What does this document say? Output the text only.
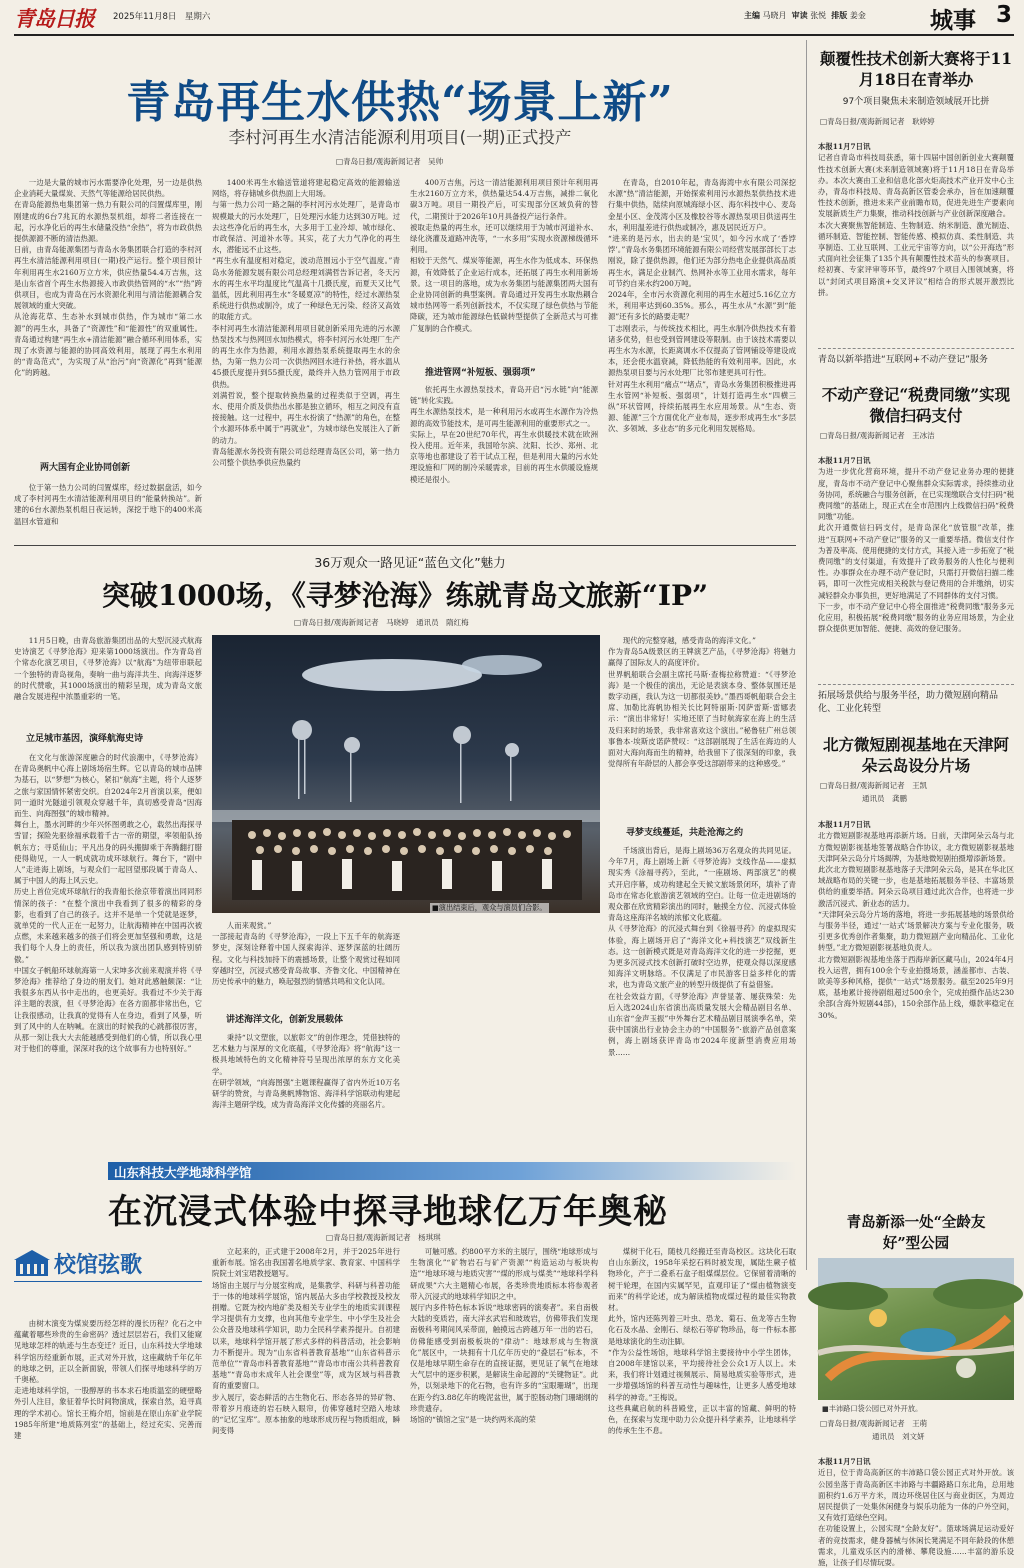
青岛日报 2025年11月8日　星期六	主编 马晓月 审读 张悦 排版 姜金	城事 3
青岛再生水供热“场景上新”
李村河再生水清洁能源利用项目(一期)正式投产
□青岛日报/观海新闻记者　吴帅
一边是大量的城市污水需要净化处理，另一边是供热企业消耗大量煤炭、天然气等能源给居民供热。
在青岛能源热电集团第一热力有限公司的闫置煤库里，刚刚建成的6台7兆瓦的水源热泵机组，却将二者连接在一起，污水净化后的再生水储量没热“余热”，将为市政供热提供源源不断的清洁热源。
日前，由青岛能源集团与青岛水务集团联合打造的李村河再生水清洁能源利用项目(一期)投产运行。整个项目预计年利用再生水2160万立方米，供应热量54.4万吉焦，这是山东省首个再生水热源接入市政供热管网的“水”“热”跨供项目，也成为青岛在污水资源化利用与清洁能源耦合发展领域的重大突破。
从沧海花草、生态补水到城市供热，作为城市“第二水源”的再生水，具备了“资源性”和“能源性”的双重属性。青岛通过构建“再生水+清洁能源”融合循环利用体系，实现了水资源与能源的协同高效利用，展现了再生水利用的“青岛范式”，为实现了从“治污”向“资源化”再到“能源化”的跨越。
两大国有企业协同创新
位于第一热力公司的闫置煤库，经过数据盘活，如今成了李村河再生水清洁能源利用项目的“能量转换站”。新建的6台水源热泵机组日夜运转，深挖于地下的400米高温回水管道和
1400米再生水输送管道将建起稳定高效的能源输送网络，将存储城乡供热面上大用场。
与第一热力公司一路之隔的李村河污水处理厂，是青岛市规模最大的污水处理厂，日处理污水能力达到30万吨。过去这些净化后的再生水，大多用于工业冷却、城市绿化、市政保洁、河道补水等。其实，花了大力气净化的再生水，潜能远不止这些。
“再生水有温度相对稳定，波动范围远小于空气温度。”青岛水务能源发展有限公司总经理刘满哲告诉记者，冬天污水的再生水平均温度比气温高十几摄氏度，而夏天又比气温低，因此利用再生水“冬暖夏凉”的特性，经过水源热泵系统进行供热或制冷，成了一种绿色无污染、经济又高效的取能方式。
李村河再生水清洁能源利用项目就创新采用先进的污水源热泵技术与热网回水加热模式，将李村河污水处理厂生产的再生水作为热源，利用水源热泵系统提取再生水的余热，为第一热力公司一次供热网回水进行补热，将水温从45摄氏度提升到55摄氏度，最终并入热力管网用于市政供热。
刘满哲说，整个提取转换热量的过程类似于空调，再生水、使用介质及供热出水都是独立循环，相互之间没有直接接触。这一过程中，再生水扮演了“热源”的角色，在整个水源环体系中属于“再就业”，为城市绿色发展注入了新的动力。
青岛能源水务投资有限公司总经理青岛区公司，第一热力公司整个供热季供应热量约
400万吉焦，污这一清洁能源利用项目预计年利用再生水2160万立方米，供热量达54.4万吉焦，减排二氧化碳3万吨。项目一期投产后，可实现部分区域负荷的替代，二期预计于2026年10月具备投产运行条件。
被取走热量的再生水，还可以继续用于为城市河道补水、绿化浇灌及道路冲洗等，“一水多用”实现水资源梯级循环利用。
相较于天然气、煤炭等能源，再生水作为低成本、环保热源，有效降低了企业运行成本，还拓展了再生水利用新场景。这一项目的落地，成为水务集团与能源集团两大国有企业协同创新的典型案例。青岛通过开发再生水取热耦合城市热网等一系列创新技术，不仅实现了绿色供热与节能降碳，还为城市能源绿色低碳转型提供了全新范式与可推广复制的合作模式。
推进管网“补短板、强弱项”
依托再生水源热泵技术，青岛开启“污水链”向“能源链”转化实践。
再生水源热泵技术，是一种利用污水或再生水源作为冷热源的高效节能技术，是可再生能源利用的重要形式之一。
实际上，早在20世纪70年代，再生水供暖技术就在欧洲投入使用。近年来，我国哈尔滨、沈阳、长沙、郑州、北京等地也都建设了若干试点工程，但是利用大量的污水处理设施和厂网的制冷采暖需求，目前的再生水供暖设施规模还是很小。
在青岛，自2010年起，青岛海湾中水有限公司深挖水源“热”清洁能源，开始探索利用污水源热泵供热技术进行集中供热，陆续向原城海绿小区、海尔科技中心、麦岛金星小区、金茂湾小区及橡胶谷等水源热泵项目供送再生水，利用温差进行供热或制冷，惠及居民近万户。
“进来的是污水，出去的是‘宝贝’，如今污水成了‘香饽饽’。”青岛水务集团环境能源有限公司经营发展部部长丁志刚说，除了提供热源，他们还为部分热电企业提供高品质再生水，满足企业制汽、热网补水等工业用水需求，每年可节约自来水约200万吨。
2024年，全市污水资源化利用的再生水超过5.16亿立方米，利用率达到60.35%。那么，再生水从“水源”到“能源”还有多长的路要走呢？
丁志刚表示，与传统技术相比，再生水制冷供热技术有着诸多优势，但也受到管网建设等限制。由于该技术需要以再生水为水源，长距离调水不仅提高了管网铺设等建设成本，还会使水温衰减，降低热能的有效利用率。因此，水源热泵项目要与污水处理厂比邻布建更具可行性。
针对再生水利用“痛点”“堵点”，青岛水务集团积极推进再生水管网“补短板、强弱项”，计划打造再生水“四横三纵”环状管网，持续拓展再生水应用场景。从“生态、资源、能源”三个方面优化产业布局，逐步形成再生水“多层次、多领域、多业态”的多元化利用发展格局。
颠覆性技术创新大赛将于11月18日在青举办
97个项目聚焦未来制造领域展开比拼
□青岛日报/观海新闻记者　耿婷婷

本报11月7日讯
记者自青岛市科技局获悉，第十四届中国创新创业大赛颠覆性技术创新大赛(未来制造领域赛)将于11月18日在青岛举办。本次大赛由工业和信息化部火炬高技术产业开发中心主办，青岛市科技局、青岛高新区管委会承办，旨在加速颠覆性技术创新，推进未来产业前瞻布局，促进先进生产要素向发展新质生产力集聚，推动科技创新与产业创新深度融合。
本次大赛聚焦智能制造、生物制造、纳米制造、激光制造、循环制造、智能控制、智能传感、模拟仿真、柔性制造、共享制造、工业互联网、工业元宇宙等方向，以“公开海选”形式面向社会征集了135个具有颠覆性技术苗头的参赛项目。经初赛、专家评审等环节，最终97个项目入围领域赛，将以“封闭式项目路演+交叉评议”相结合的形式展开激烈比拼。

青岛以新举措进“互联网+不动产登记”服务
不动产登记“税费同缴”实现微信扫码支付
□青岛日报/观海新闻记者　王冰洁

本报11月7日讯
为进一步优化营商环境，提升不动产登记业务办理的便捷度，青岛市不动产登记中心聚焦群众实际需求，持续推动业务协同，系统融合与服务创新，在已实现缴联合支付扫码“税费同缴”的基础上，现正式在全市范围内上线微信扫码“税费同缴”功能。
此次开通微信扫码支付，是青岛深化“放管服”改革，推进“互联网+不动产登记”服务的又一重要举措。微信支付作为普及率高、使用便捷的支付方式，其接入进一步拓宽了“税费同缴”的支付渠道，有效提升了政务服务的人性化与便利性。办事群众在办理不动产登记时，只需打开微信扫描二维码，即可一次性完成相关税款与登记费用的合并缴纳，切实减轻群众办事负担，更好地满足了不同群体的支付习惯。
下一步，市不动产登记中心将全面推进“税费同缴”服务多元化应用，积极拓展“税费同缴”服务的业务应用场景，为企业群众提供更加智能、便捷、高效的登记服务。

拓展场景供给与服务半径，助力微短剧向精品化、工业化转型
北方微短剧视基地在天津阿朵云岛设分片场
□青岛日报/观海新闻记者　王凯
通讯员　龚鹏

本报11月7日讯
北方微短剧影视基地再添新片场。日前，天津阿朵云岛与北方微短剧影视基地签署战略合作协议，北方微短剧影视基地天津阿朵云岛分片场揭牌，为基地微短剧拍摄增添新场景。
此次北方微短剧影视基地落子天津阿朵云岛，是其在华北区域战略布局的关键一步，也是基地拓展服务半径、丰富场景供给的重要举措。阿朵云岛项目通过此次合作，也将进一步激活沉浸式、新业态的活力。
“天津阿朵云岛分片场的落地，将进一步拓展基地的场景供给与服务半径，通过‘一站式’场景解决方案与专业化服务，吸引更多优秀创作者集聚，助力微短剧产业向精品化、工业化转型。”北方微短剧影视基地负责人。
北方微短剧影视基地坐落于西海岸新区藏马山，2024年4月投入运营，拥有100余个专业拍摄场景，涵盖都市、古装、欧美等多种风格，提供“一站式”场景服务。截至2025年9月底，基地累计接待剧组超过500余个，完成拍摄作品达230余部(含海外短剧44部)，150余部作品上线，爆款率稳定在30%。

青岛新添一处“全龄友好”型公园
■丰沛路口袋公园已对外开放。
□青岛日报/观海新闻记者　王萌
通讯员　刘文妍

本报11月7日讯
近日，位于青岛高新区的丰沛路口袋公园正式对外开放。该公园坐落于青岛高新区丰沛路与丰疆路路口东北角，总用地面积约1.6万平方米，周边环绕居住区与商业街区，为周边居民提供了一处集休闲健身与娱乐功能为一体的户外空间，又有效打造绿色空间。
在功能设置上，公园实现“全龄友好”。篮球场满足运动爱好者的竞技需求，健身器械与休闲长凳满足不同年龄段的休憩需求，儿童戏乐区内的滑梯、攀爬设施……丰富的游乐设施，让孩子们尽情玩耍。

36万观众一路见证“蓝色文化”魅力
突破1000场，《寻梦沧海》练就青岛文旅新“IP”
□青岛日报/观海新闻记者　马晓婷　通讯员　隋红梅
11月5日晚，由青岛旅游集团出品的大型沉浸式航海史诗演艺《寻梦沧海》迎来第1000场演出。作为青岛首个常态化演艺项目，《寻梦沧海》以“航海”为纽带串联起一个独特的青岛视角，奏响一曲与海洋共生、向海洋逐梦的时代赞歌，其1000场演出的精彩呈现，成为青岛文旅融合发展进程中浓墨重彩的一笔。
立足城市基因，演绎航海史诗
在文化与旅游深度融合的时代浪潮中，《寻梦沧海》在青岛奥帆中心海上剧场场宿生辉。它以青岛的城市品牌为基石，以“梦想”为核心，紧扣“航海”主题，将个人逐梦之旅与家国情怀紧密交织。自2024年2月首演以来，便如同一道时光隧道引领观众穿越千年，真切感受青岛“因海而生、向海图强”的城市精神。
舞台上，墨水河畔的少年兴怀图勇敢之心，载然出海探寻雪冒；探险先驱徐福承载着千古一帝的期望，率领船队扬帆东方；寻觅仙山；平凡出身的码头搬脚乘于奔腾翻打腊使得勋见，一人一帆成就功成环球航行。舞台下，“剧中人”走进海上剧场，与观众们一起回望那段属于青岛人、属于中国人的海上风云史。
历史上首位完成环球航行的我青船长徐京带着演出同同形情深的孩子：“在整个演出中我看到了很多的精彩的身影，也看到了自己的孩子。这并不是单一个凭就是逐梦，就单凭的一代人正在一起努力，让航海精神在中国再次被点燃，未来越来越多的孩子们将会更加坚强和勇敢，这是我们每个人身上的责任，所以我为演出团队感到特别骄傲。”
中国女子帆船环球航海第一人宋坤多次前来观演并将《寻梦沧海》推荐给了身边的朋友们。她对此感触颇深：“让我很多东西从书中走出的，也更美好。我看过不少关于海洋主题的表演，但《寻梦沧海》在各方面都非常出色，它让我很感动，让我真的觉得有人在身边，看到了风暴，听到了风中的人在呐喊。在演出的时候我的心跳都很厉害，从那一刻让我大大去能越感受到他们的心情，所以我心里对于他们的尊重，深深对我的这个故事有力也特别好。”
■演出结束后，观众与演员们合影。
人而来观赏。”
一部接起青岛的《寻梦沧海》，一段上下五千年的航海逐梦史，深刻诠释着中国人探索海洋、逐梦深蓝的壮阔历程。文化与科技加持下的震撼场景，让整个观赏过程如同穿越时空，沉浸式感受青岛故事、齐鲁文化、中国精神在历史传承中的魅力，唤起强烈的情感共鸣和文化认同。
讲述海洋文化，创新发展载体
秉持“以文塑旅，以旅彰文”的创作理念，凭借独特的艺术魅力与深厚的文化底蕴，《寻梦沧海》将“航海”这一极具地域特色的文化精神符号呈现出浓厚的东方文化美学。
在研学领域，“向海图强”主题课程赢得了省内外近10万名研学的赞赏，与青岛奥帆博物馆、海洋科学馆联动构建起海洋主题研学线，成为青岛海洋文化传播的亮丽名片。
现代的完整穿越，感受青岛的海洋文化。”
作为青岛5A级景区的王牌演艺产品，《寻梦沧海》将魅力赢得了国际友人的高度评价。
世界帆船联合会副主席托马斯·查梅拉称赞道：“《寻梦沧海》是一个极佳的演出，无论是表演本身、整体氛围还是数字动画，我认为这一切都很美妙。”墨西哥帆船联合会主席、加勒比海帆协相关长比阿特丽斯·冈萨雷斯·雷娜表示：“演出非常好！实地还原了当时航海家在海上的生活及归来时的场景，我非常喜欢这个演出。”秘鲁驻广州总领事鲁本·埃斯皮诺萨赞叹：“这部剧展现了生活在海边的人面对大海向海而生的精神，给我留下了很深刻的印象，我觉得所有年龄层的人都会享受这部剧带来的这种感受。”
寻梦支线蔓延，共赴沧海之约
千场演出背后，是海上剧场36万名观众的共同见证。今年7月，海上剧场上新《寻梦沧海》支线作品——虚拟现实秀《涂福寻药》，至此，“一座剧场、两部演艺”的模式开启序幕，成功构建起全天候文旅场景闭环，填补了青岛市在常态化旅游演艺领域的空白。让每一位走进剧场的观众都在欣赏精彩演出的同时，触摸全方位、沉浸式体验青岛这座海洋名城的浓郁文化底蕴。
从《寻梦沧海》的沉浸式舞台到《徐福寻药》的虚拟现实体验，海上剧场开启了“海洋文化+科技演艺”双线新生态。这一创新模式既是对青岛海洋文化的进一步挖掘，更为更多沉浸式技术创新打破时空边界，使观众得以深度感知海洋文明脉络。不仅满足了市民游客日益多样化的需求，也为青岛文旅产业的转型升级提供了有益借鉴。
在社会效益方面，《寻梦沧海》声誉显著、屡获殊荣：先后入选2024山东省演出高质量发展大会精品剧目名单、山东省“金声玉振”中外舞台艺术精品剧目展演季名单，荣获中国演出行业协会主办的“中国服务”·旅游产品创意案例，海上剧场获评青岛市2024年度新型消费应用场景……
山东科技大学地球科学馆
在沉浸式体验中探寻地球亿万年奥秘
□青岛日报/观海新闻记者　杨琪琪
校馆弦歌
由树木演变为煤炭要历经怎样的漫长历程？化石之中蕴藏着哪些珍贵的生命密码？透过层层岩石，我们又能窥见地球怎样的轨迹与生态变迁？近日，山东科技大学地球科学馆历经重新布展，正式对外开放，这座藏纳千年亿年的地球之钥，正以全新面貌，带领人们探寻地球科学的万千奥秘。
走进地球科学馆，一股醇厚的书本求石地质温室的硬壁略外引人注目，象征着华长时间物演成，探索自然，追寻真理的学术初心。馆长王梅介绍，馆前是在原山东矿业学院1985年所建“地质陈列室”的基础上，经过充实、完善而建
立起来的，正式建于2008年2月，并于2025年进行重新布展。馆名由我国著名地质学家、教育家、中国科学院院士刘宝珺教授题写。
场馆由主展厅与分展室构成，是集教学、科研与科普功能于一体的地球科学展馆，馆内展品大多由学校教授及校友捐赠。它既为校内地矿类及相关专业学生的地质实训课程学习提供有力支撑，也向其他专业学生、中小学生及社会公众普及地球科学知识，助力全民科学素养提升。自初建以来，地球科学馆开展了形式多样的科普活动，社会影响力不断提升。现为“山东省科普教育基地”“山东省科普示范单位”“青岛市科普教育基地”“青岛市市南公共科普教育基地”“青岛市未成年人社会课堂”等，成为区域与科普教育的重要窗口。
步入展厅，姿态鲜活的古生物化石、形态各异的异矿物、带着岁月痕迹的岩石映入眼帘，仿佛穿越时空踏入地球的“记忆宝库”。原本抽象的地球形成历程与物质组成，瞬间变得
可触可感。约800平方米的主展厅，围绕“地球形成与生物演化”“矿物岩石与矿产资源”“构造运动与板块构造”“地球环境与地质灾害”“煤的形成与煤类”“地球科学科研成果”六大主题精心布展，各类珍贵地质标本将参观者带入沉浸式的地球科学知识之中。
展厅内多件特色标本诉说“地球密码的演奏者”。来自南极大陆的变质岩，南大洋玄武岩和玻玻岩，仿佛带我们发现南极科考期间风采带面，触摸远古跨越万年一出的岩石，仿佛能感受到南极板块的“律动”：地球形成与生物演化”展区中，一块拥有十几亿年历史的“叠层石”标本，不仅是地球早期生命存在的直接证据，更见证了氧气在地球大气层中的逐步积累，是解读生命起源的“关键物证”。此外，以刻录地下的化石物，也有许多的“宝眼珊瑚”，出现在距今约3.88亿年的晚泥盆世，属于腔肠动物门珊瑚纲的珍贵遗存。
场馆的“镇馆之宝”是一块约两米高的荣
煤树干化石，随枝几经搬迁至青岛校区。这块化石取自山东新汶，1958年采挖石料时被发现，属陆生蕨子植物珍化，产于二叠系石盒子组煤煤层位。它保留着清晰的树干轮理，在国内实属罕见，直观印证了“煤由植物演变而来”的科学论述，成为解读植物成煤过程的最佳实物教材。
此外，馆内还陈列着三叶虫、恐龙、菊石、鱼龙等古生物化石及水晶、金刚石、绿松石等矿物珍品，每一件标本都是地球演化的生动注脚。
“作为公益性场馆，地球科学馆主要接待中小学生团体，自2008年建馆以来，平均接待社会公众1万人以上。未来，我们将计划通过视频展示、简易地质实验等形式，进一步增强场馆的科普互动性与趣味性，让更多人感受地球科学的神奇。”王梅说。
这些典藏启航的科普殿堂，正以丰富的馆藏、鲜明的特色，在探索与发现中助力公众提升科学素养，让地球科学的传承生生不息。
